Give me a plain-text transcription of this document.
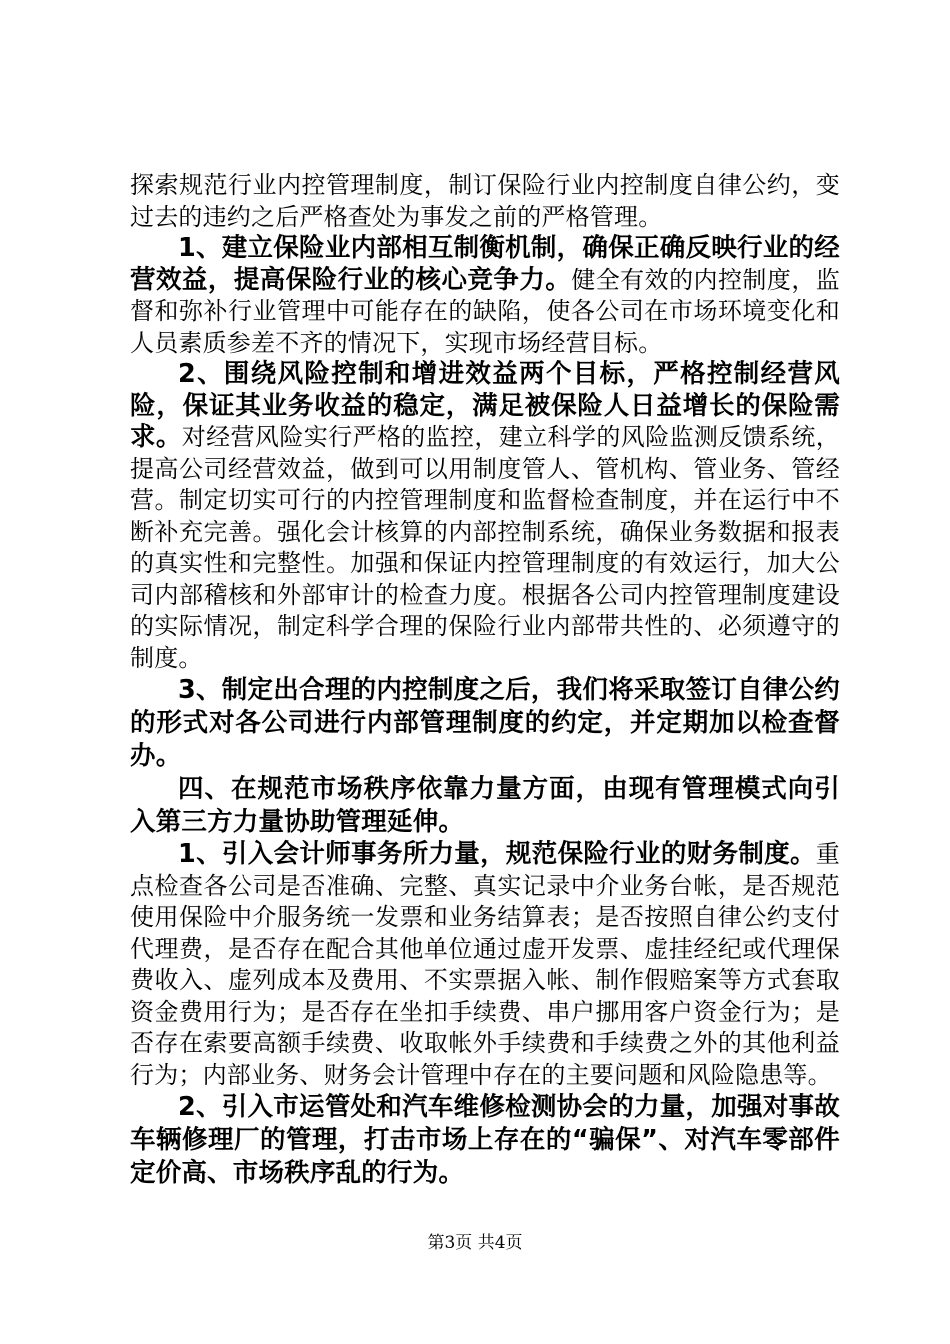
探索规范行业内控管理制度，制订保险行业内控制度自律公约，变过去的违约之后严格查处为事发之前的严格管理。

1、建立保险业内部相互制衡机制，确保正确反映行业的经营效益，提高保险行业的核心竞争力。健全有效的内控制度，监督和弥补行业管理中可能存在的缺陷，使各公司在市场环境变化和人员素质参差不齐的情况下，实现市场经营目标。

2、围绕风险控制和增进效益两个目标，严格控制经营风险，保证其业务收益的稳定，满足被保险人日益增长的保险需求。对经营风险实行严格的监控，建立科学的风险监测反馈系统，提高公司经营效益，做到可以用制度管人、管机构、管业务、管经营。制定切实可行的内控管理制度和监督检查制度，并在运行中不断补充完善。强化会计核算的内部控制系统，确保业务数据和报表的真实性和完整性。加强和保证内控管理制度的有效运行，加大公司内部稽核和外部审计的检查力度。根据各公司内控管理制度建设的实际情况，制定科学合理的保险行业内部带共性的、必须遵守的制度。

3、制定出合理的内控制度之后，我们将采取签订自律公约的形式对各公司进行内部管理制度的约定，并定期加以检查督办。

四、在规范市场秩序依靠力量方面，由现有管理模式向引入第三方力量协助管理延伸。

1、引入会计师事务所力量，规范保险行业的财务制度。重点检查各公司是否准确、完整、真实记录中介业务台帐，是否规范使用保险中介服务统一发票和业务结算表；是否按照自律公约支付代理费，是否存在配合其他单位通过虚开发票、虚挂经纪或代理保费收入、虚列成本及费用、不实票据入帐、制作假赔案等方式套取资金费用行为；是否存在坐扣手续费、串户挪用客户资金行为；是否存在索要高额手续费、收取帐外手续费和手续费之外的其他利益行为；内部业务、财务会计管理中存在的主要问题和风险隐患等。

2、引入市运管处和汽车维修检测协会的力量，加强对事故车辆修理厂的管理，打击市场上存在的“骗保”、对汽车零部件定价高、市场秩序乱的行为。

第3页 共4页
